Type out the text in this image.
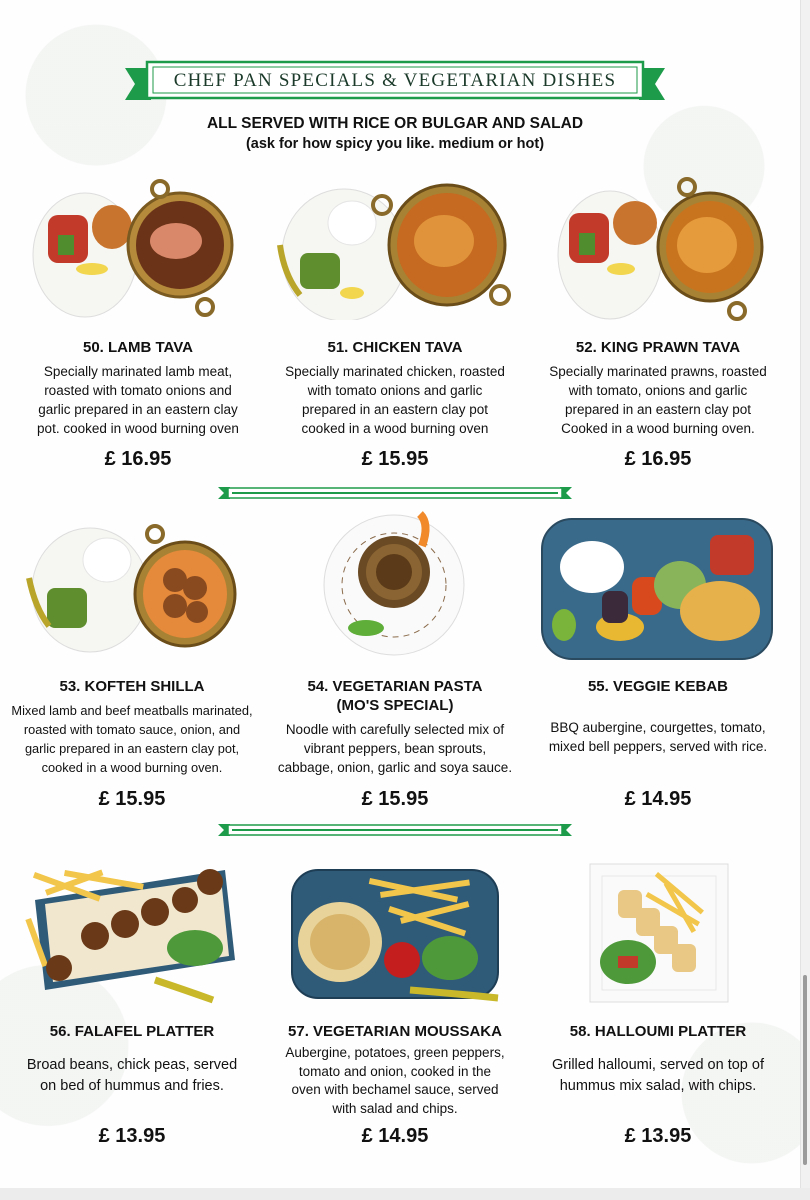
CHEF PAN SPECIALS & VEGETARIAN DISHES
ALL SERVED WITH RICE OR BULGAR AND SALAD
(ask for how spicy you like. medium or hot)
50. LAMB TAVA
Specially marinated lamb meat,
roasted with tomato onions and
garlic prepared in an eastern clay
pot. cooked in wood burning oven
£ 16.95
51. CHICKEN TAVA
Specially marinated chicken, roasted
with tomato onions and garlic
prepared in an eastern clay pot
cooked in a wood burning oven
£ 15.95
52. KING PRAWN TAVA
Specially marinated prawns, roasted
with tomato, onions and garlic
prepared in an eastern clay pot
Cooked in a wood burning oven.
£ 16.95
53. KOFTEH SHILLA
Mixed lamb and beef meatballs marinated,
roasted with tomato sauce, onion, and
garlic prepared in an eastern clay pot,
cooked in a wood burning oven.
£ 15.95
54. VEGETARIAN PASTA
(MO'S SPECIAL)
Noodle with carefully selected mix of
vibrant peppers, bean sprouts,
cabbage, onion, garlic and soya sauce.
£ 15.95
55. VEGGIE KEBAB
BBQ aubergine, courgettes, tomato,
mixed bell peppers, served with rice.
£ 14.95
56. FALAFEL PLATTER
Broad beans, chick peas, served
on bed of hummus and fries.
£ 13.95
57. VEGETARIAN MOUSSAKA
Aubergine, potatoes, green peppers,
tomato and onion, cooked in the
oven with bechamel sauce, served
with salad and chips.
£ 14.95
58. HALLOUMI PLATTER
Grilled halloumi, served on top of
hummus mix salad, with chips.
£ 13.95
